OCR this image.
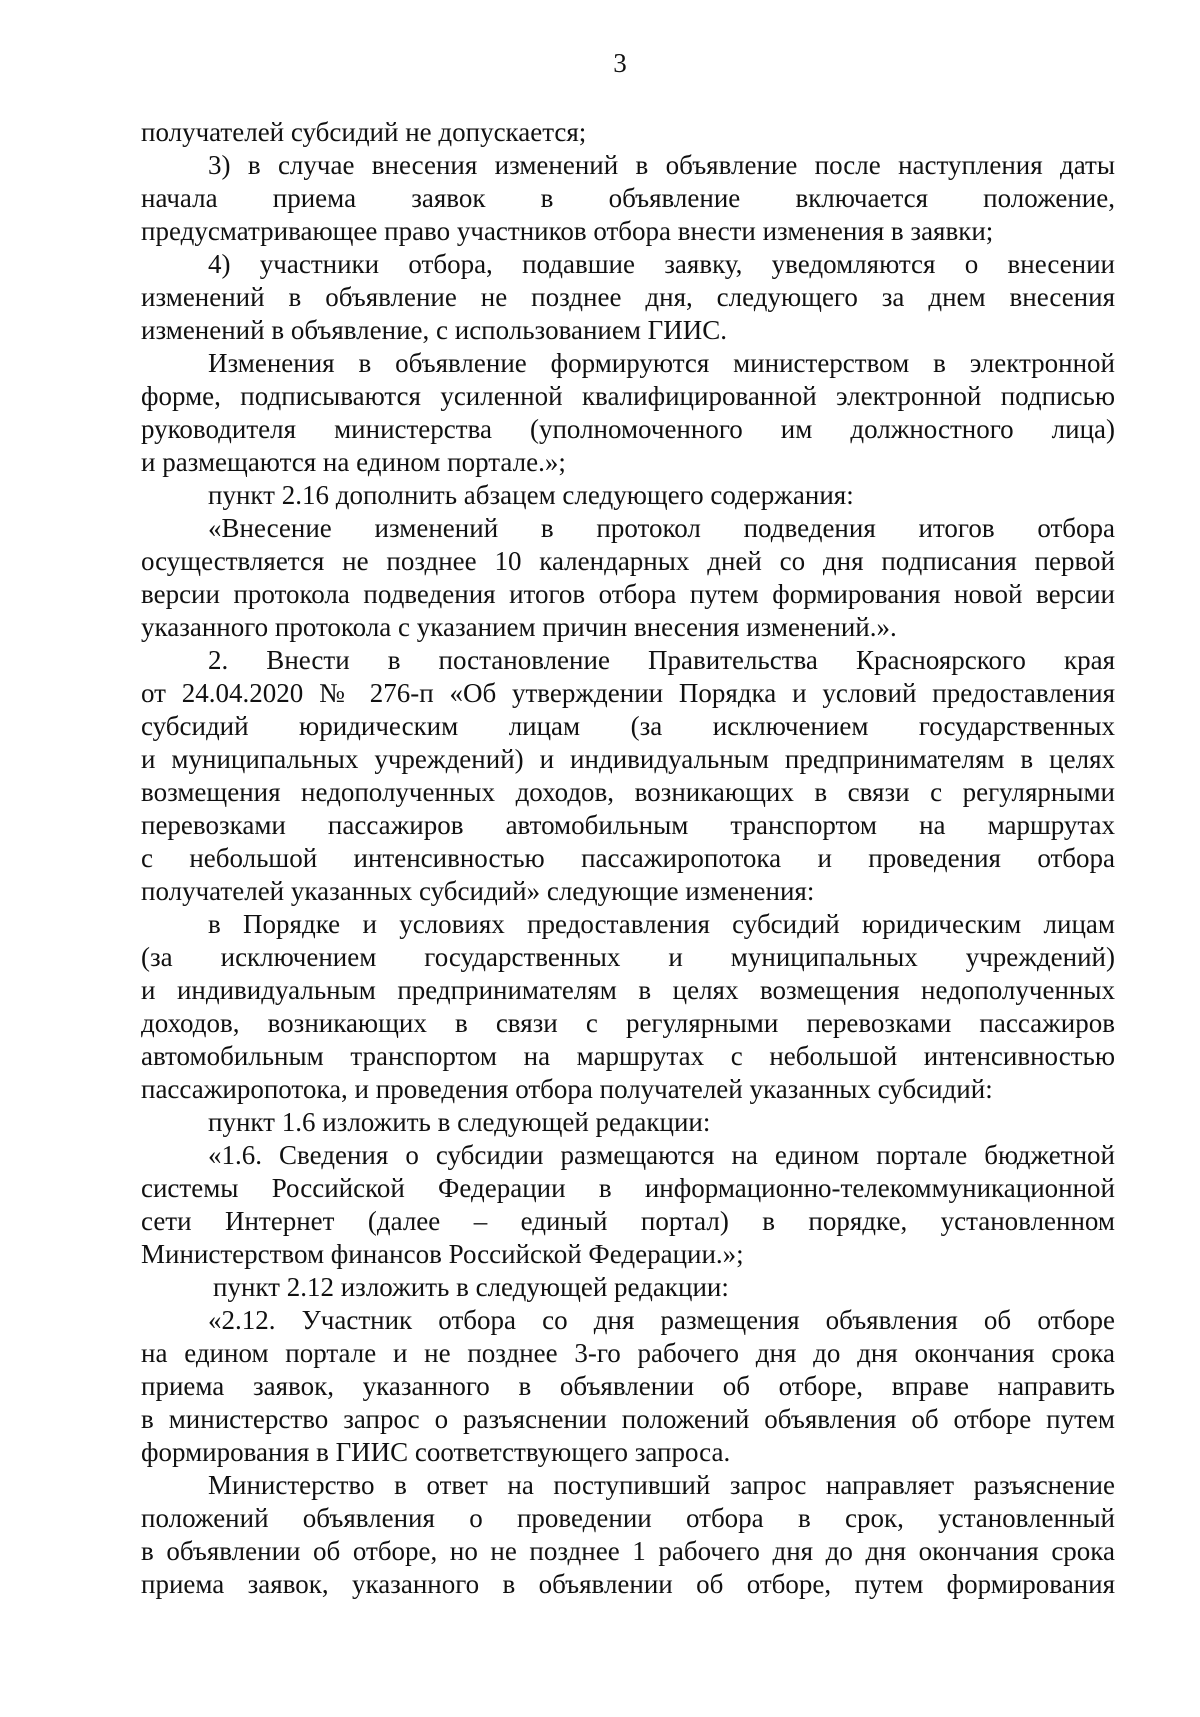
3
получателей субсидий не допускается;
3) в случае внесения изменений в объявление после наступления даты
начала приема заявок в объявление включается положение,
предусматривающее право участников отбора внести изменения в заявки;
4) участники отбора, подавшие заявку, уведомляются о внесении
изменений в объявление не позднее дня, следующего за днем внесения
изменений в объявление, с использованием ГИИС.
Изменения в объявление формируются министерством в электронной
форме, подписываются усиленной квалифицированной электронной подписью
руководителя министерства (уполномоченного им должностного лица)
и размещаются на едином портале.»;
пункт 2.16 дополнить абзацем следующего содержания:
«Внесение изменений в протокол подведения итогов отбора
осуществляется не позднее 10 календарных дней со дня подписания первой
версии протокола подведения итогов отбора путем формирования новой версии
указанного протокола с указанием причин внесения изменений.».
2. Внести в постановление Правительства Красноярского края
от 24.04.2020 № 276-п «Об утверждении Порядка и условий предоставления
субсидий юридическим лицам (за исключением государственных
и муниципальных учреждений) и индивидуальным предпринимателям в целях
возмещения недополученных доходов, возникающих в связи с регулярными
перевозками пассажиров автомобильным транспортом на маршрутах
с небольшой интенсивностью пассажиропотока и проведения отбора
получателей указанных субсидий» следующие изменения:
в Порядке и условиях предоставления субсидий юридическим лицам
(за исключением государственных и муниципальных учреждений)
и индивидуальным предпринимателям в целях возмещения недополученных
доходов, возникающих в связи с регулярными перевозками пассажиров
автомобильным транспортом на маршрутах с небольшой интенсивностью
пассажиропотока, и проведения отбора получателей указанных субсидий:
пункт 1.6 изложить в следующей редакции:
«1.6. Сведения о субсидии размещаются на едином портале бюджетной
системы Российской Федерации в информационно-телекоммуникационной
сети Интернет (далее – единый портал) в порядке, установленном
Министерством финансов Российской Федерации.»;
пункт 2.12 изложить в следующей редакции:
«2.12. Участник отбора со дня размещения объявления об отборе
на едином портале и не позднее 3-го рабочего дня до дня окончания срока
приема заявок, указанного в объявлении об отборе, вправе направить
в министерство запрос о разъяснении положений объявления об отборе путем
формирования в ГИИС соответствующего запроса.
Министерство в ответ на поступивший запрос направляет разъяснение
положений объявления о проведении отбора в срок, установленный
в объявлении об отборе, но не позднее 1 рабочего дня до дня окончания срока
приема заявок, указанного в объявлении об отборе, путем формирования
